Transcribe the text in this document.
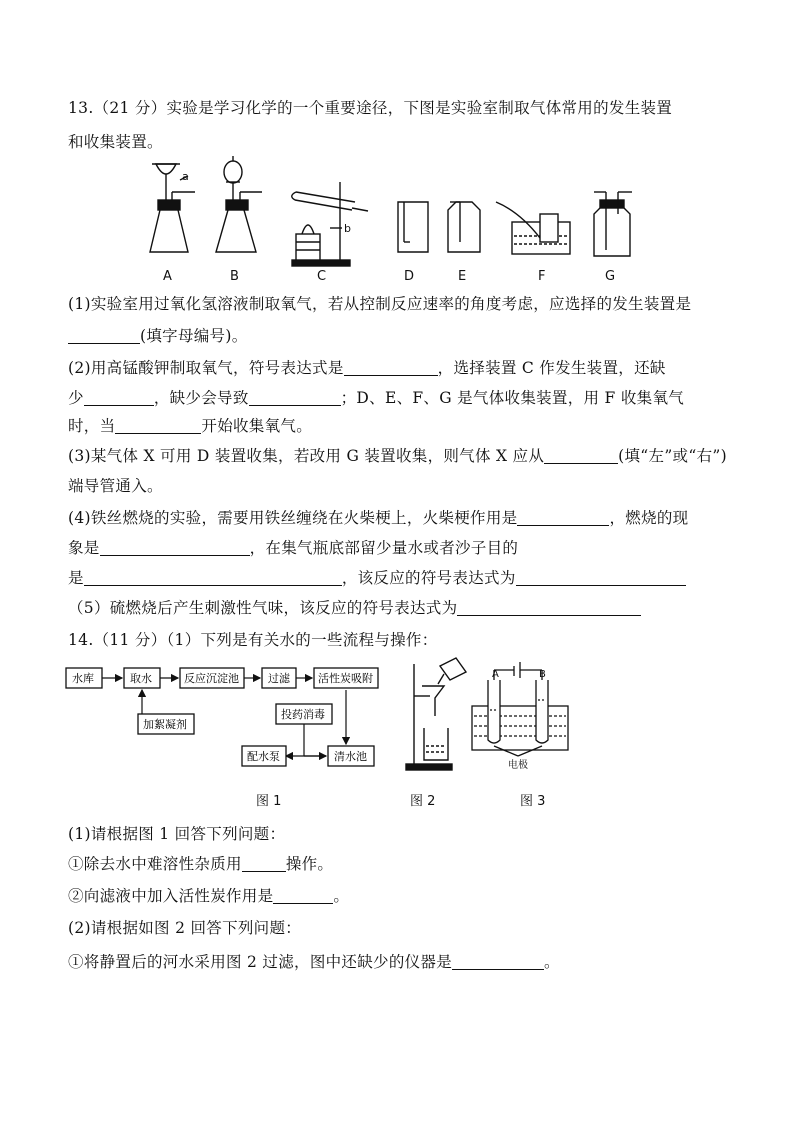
13.（21 分）实验是学习化学的一个重要途径，下图是实验室制取气体常用的发生装置
和收集装置。
a
A	B
b
C	D	E	F	G
(1)实验室用过氧化氢溶液制取氧气，若从控制反应速率的角度考虑，应选择的发生装置是
(填字母编号)。
(2)用高锰酸钾制取氧气，符号表达式是	，选择装置 C 作发生装置，还缺
少	，缺少会导致	；D、E、F、G 是气体收集装置，用 F 收集氧气
时，当	开始收集氧气。
(3)某气体 X 可用 D 装置收集，若改用 G 装置收集，则气体 X 应从	(填“左”或“右”)
端导管通入。
(4)铁丝燃烧的实验，需要用铁丝缠绕在火柴梗上，火柴梗作用是	，燃烧的现
象是	，在集气瓶底部留少量水或者沙子目的
是	，该反应的符号表达式为
（5）硫燃烧后产生刺激性气味，该反应的符号表达式为
14.（11 分）（1）下列是有关水的一些流程与操作：
水库	取水	反应沉淀池	过滤	活性炭吸附
加絮凝剂
投药消毒
清水池
配水泵
A	B
电极
图 1	图 2	图 3
(1)请根据图 1 回答下列问题：
①除去水中难溶性杂质用	操作。
②向滤液中加入活性炭作用是	。
(2)请根据如图 2 回答下列问题：
①将静置后的河水采用图 2 过滤，图中还缺少的仪器是	。
